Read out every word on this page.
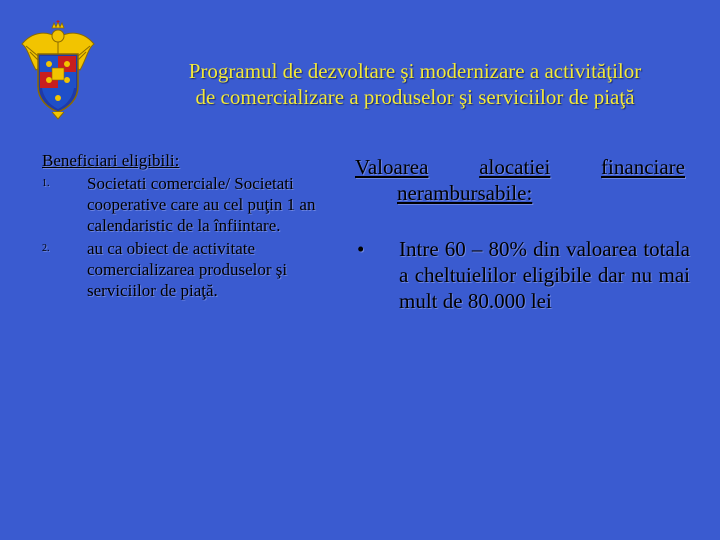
Programul de dezvoltare şi modernizare a activităţilor
de comercializare a produselor şi serviciilor de piaţă
Beneficiari eligibili:
1.	Societati comerciale/ Societati cooperative care au cel puţin 1 an calendaristic de la înfiintare.
2.	au ca obiect de activitate comercializarea produselor şi serviciilor de piaţă.
Valoarea alocatiei financiare
nerambursabile:
•	Intre 60 – 80% din valoarea totala a cheltuielilor eligibile dar nu mai mult de 80.000 lei
